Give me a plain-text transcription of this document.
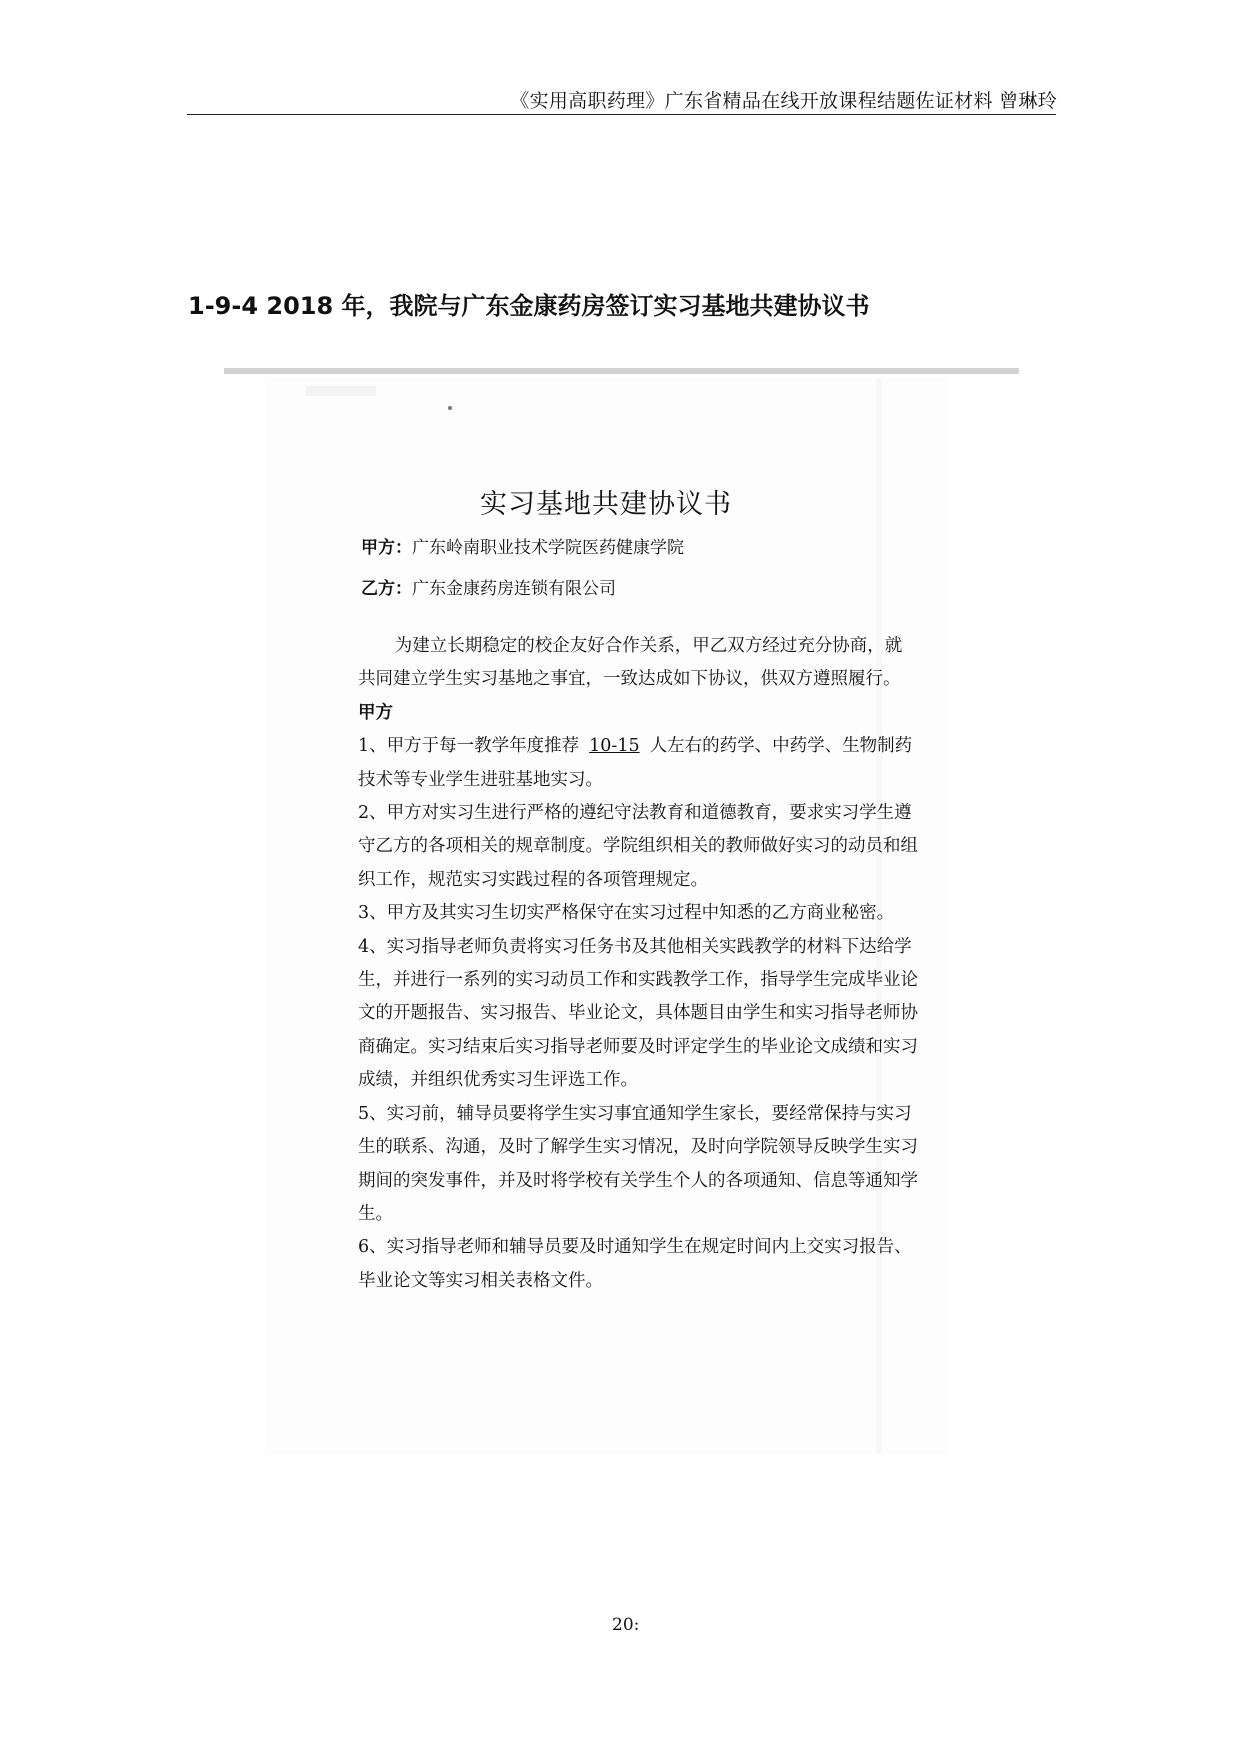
《实用高职药理》广东省精品在线开放课程结题佐证材料 曾琳玲
1-9-4 2018 年，我院与广东金康药房签订实习基地共建协议书
实习基地共建协议书
甲方：广东岭南职业技术学院医药健康学院
乙方：广东金康药房连锁有限公司

为建立长期稳定的校企友好合作关系，甲乙双方经过充分协商，就共同建立学生实习基地之事宜，一致达成如下协议，供双方遵照履行。

甲方

1、甲方于每一教学年度推荐 10-15 人左右的药学、中药学、生物制药技术等专业学生进驻基地实习。

2、甲方对实习生进行严格的遵纪守法教育和道德教育，要求实习学生遵守乙方的各项相关的规章制度。学院组织相关的教师做好实习的动员和组织工作，规范实习实践过程的各项管理规定。

3、甲方及其实习生切实严格保守在实习过程中知悉的乙方商业秘密。

4、实习指导老师负责将实习任务书及其他相关实践教学的材料下达给学生，并进行一系列的实习动员工作和实践教学工作，指导学生完成毕业论文的开题报告、实习报告、毕业论文，具体题目由学生和实习指导老师协商确定。实习结束后实习指导老师要及时评定学生的毕业论文成绩和实习成绩，并组织优秀实习生评选工作。

5、实习前，辅导员要将学生实习事宜通知学生家长，要经常保持与实习生的联系、沟通，及时了解学生实习情况，及时向学院领导反映学生实习期间的突发事件，并及时将学校有关学生个人的各项通知、信息等通知学生。

6、实习指导老师和辅导员要及时通知学生在规定时间内上交实习报告、毕业论文等实习相关表格文件。

20:
